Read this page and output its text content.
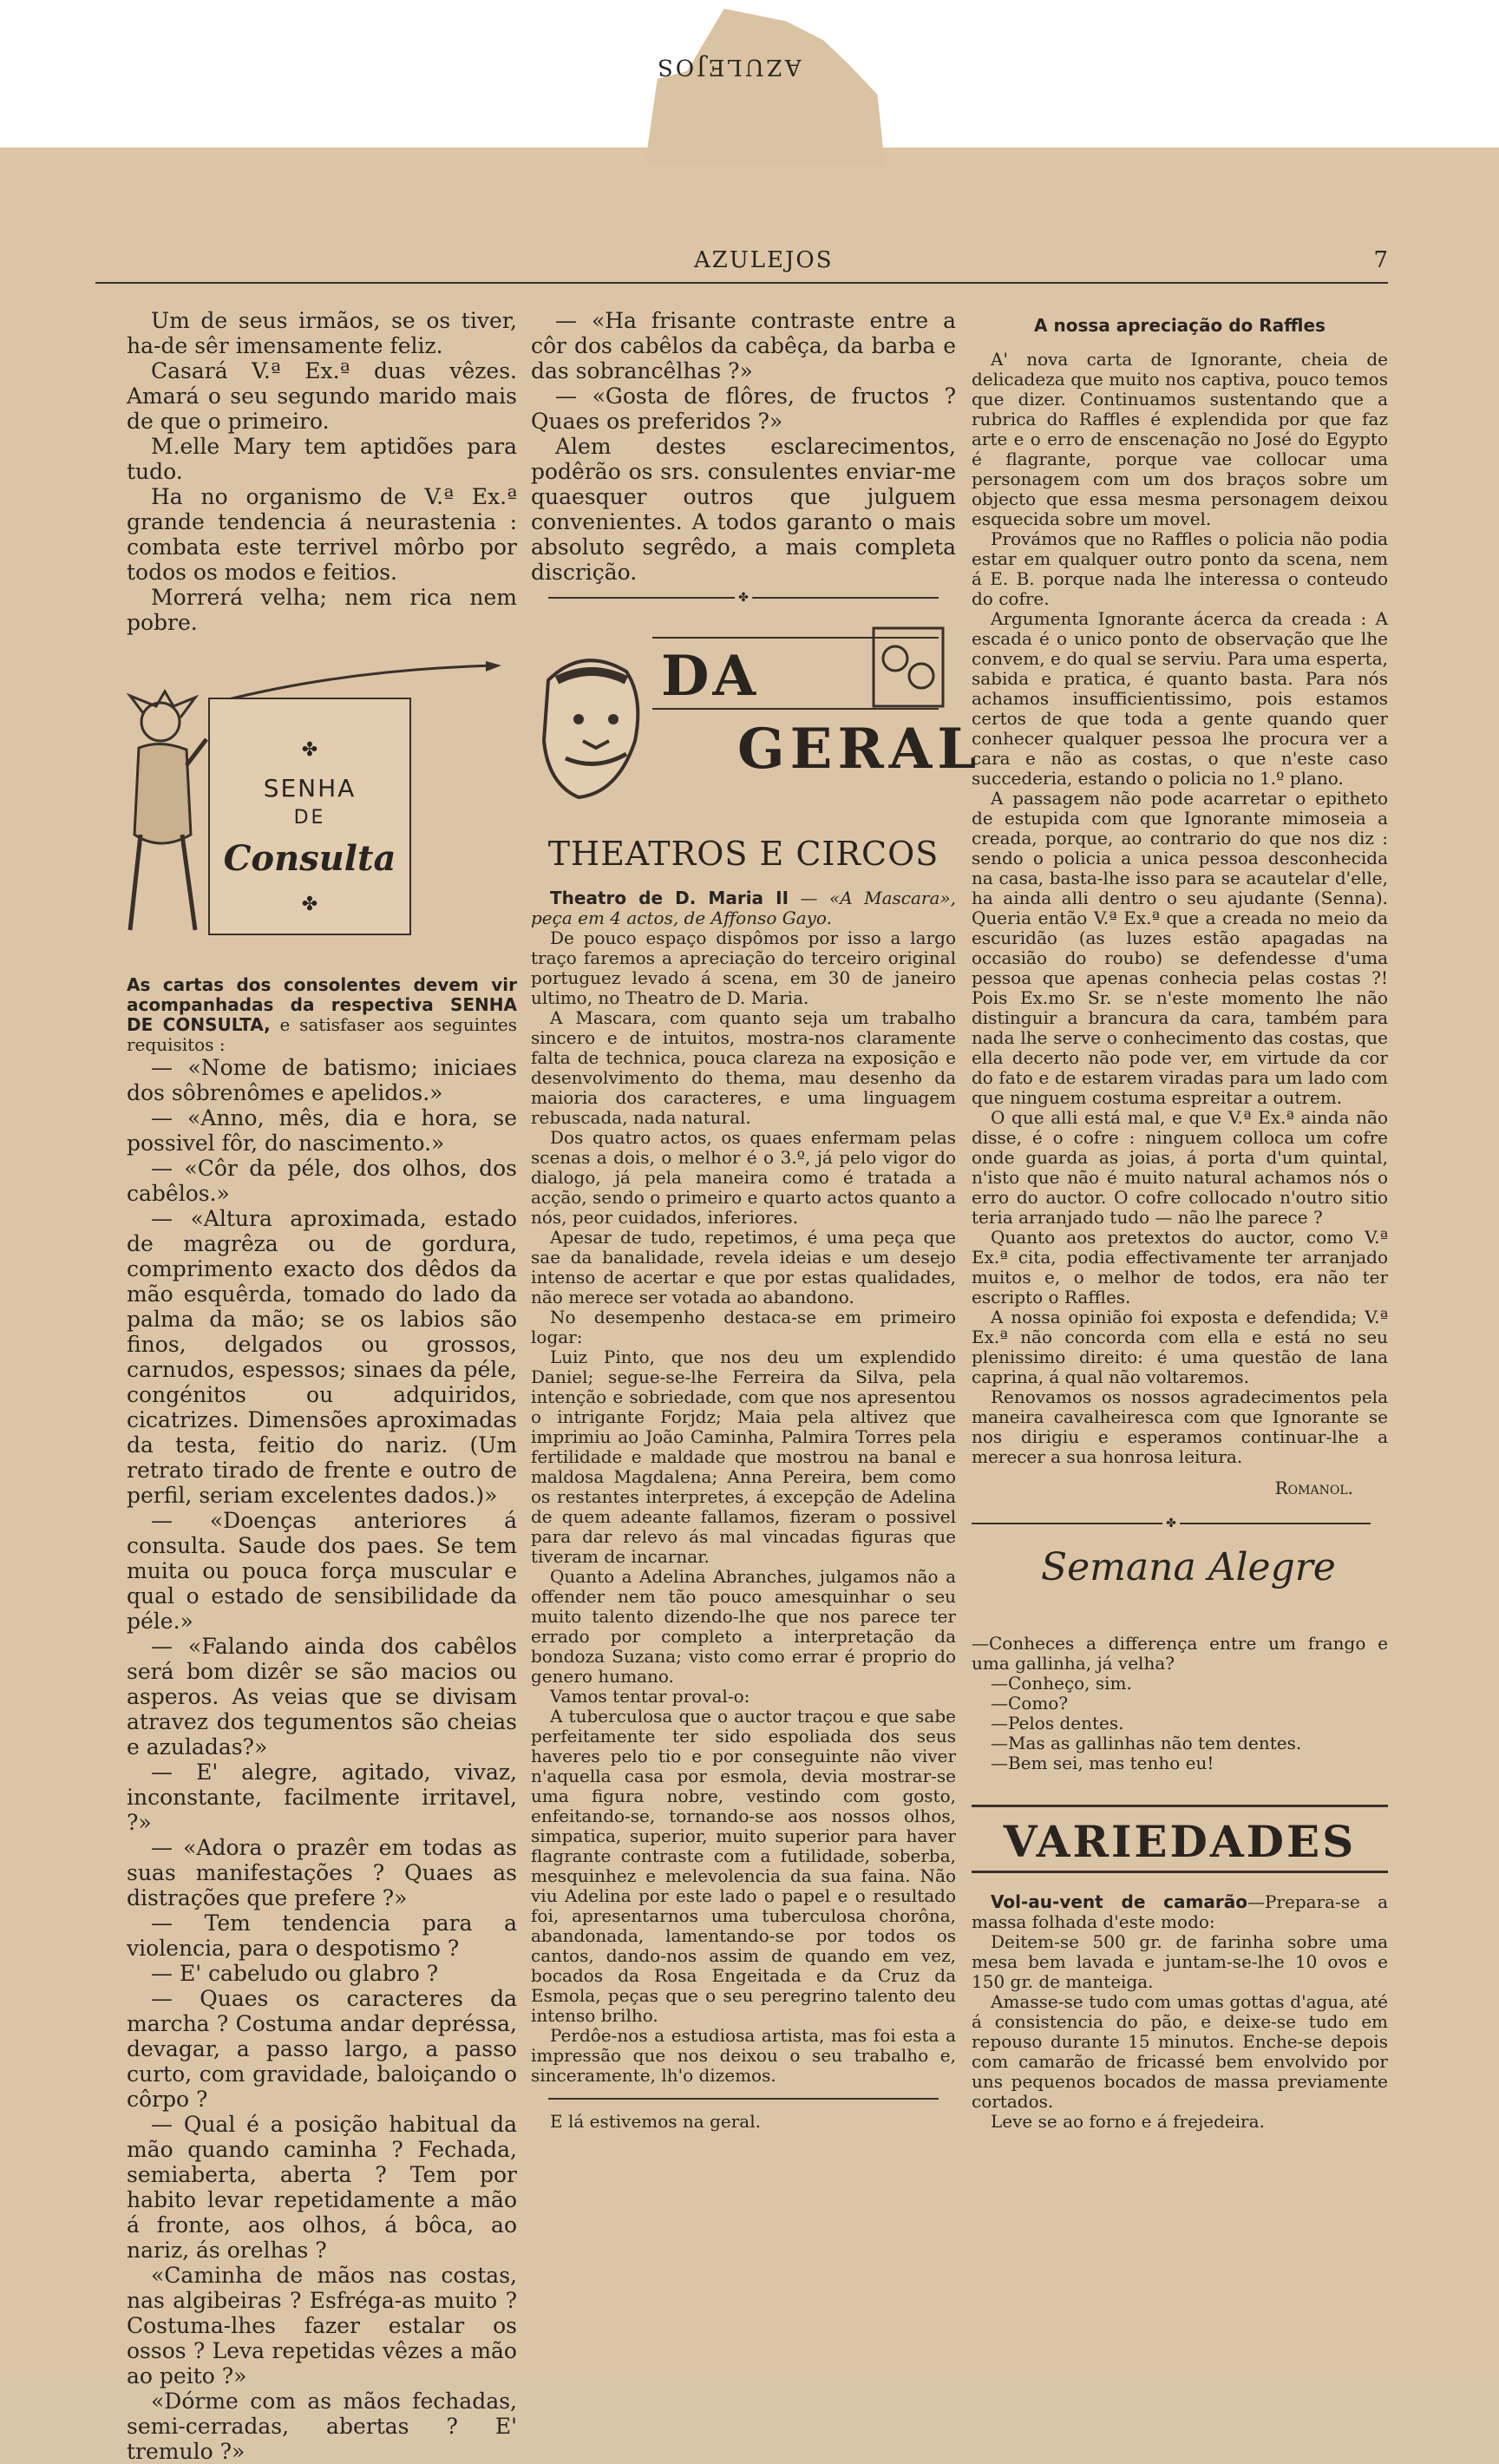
AZULEJOS
AZULEJOS	7

Um de seus irmãos, se os tiver, ha-de sêr imensamente feliz.

Casará V.ª Ex.ª duas vêzes. Amará o seu segundo marido mais de que o primeiro.

M.elle Mary tem aptidões para tudo.

Ha no organismo de V.ª Ex.ª grande tendencia á neurastenia : combata este terrivel môrbo por todos os modos e feitios.

Morrerá velha; nem rica nem pobre.

✤
SENHA
DE
Consulta
✤

As cartas dos consolentes devem vir acompanhadas da respectiva SENHA DE CONSULTA, e satisfaser aos seguintes requisitos :

— «Nome de batismo; iniciaes dos sôbrenômes e apelidos.»

— «Anno, mês, dia e hora, se possivel fôr, do nascimento.»

— «Côr da péle, dos olhos, dos cabêlos.»

— «Altura aproximada, estado de magrêza ou de gordura, comprimento exacto dos dêdos da mão esquêrda, tomado do lado da palma da mão; se os labios são finos, delgados ou grossos, carnudos, espessos; sinaes da péle, congénitos ou adquiridos, cicatrizes. Dimensões aproximadas da testa, feitio do nariz. (Um retrato tirado de frente e outro de perfil, seriam excelentes dados.)»

— «Doenças anteriores á consulta. Saude dos paes. Se tem muita ou pouca força muscular e qual o estado de sensibilidade da péle.»

— «Falando ainda dos cabêlos será bom dizêr se são macios ou asperos. As veias que se divisam atravez dos tegumentos são cheias e azuladas?»

— E' alegre, agitado, vivaz, inconstante, facilmente irritavel, ?»

— «Adora o prazêr em todas as suas manifestações ? Quaes as distrações que prefere ?»

— Tem tendencia para a violencia, para o despotismo ?

— E' cabeludo ou glabro ?

— Quaes os caracteres da marcha ? Costuma andar depréssa, devagar, a passo largo, a passo curto, com gravidade, baloiçando o côrpo ?

— Qual é a posição habitual da mão quando caminha ? Fechada, semiaberta, aberta ? Tem por habito levar repetidamente a mão á fronte, aos olhos, á bôca, ao nariz, ás orelhas ?

«Caminha de mãos nas costas, nas algibeiras ? Esfréga-as muito ? Costuma-lhes fazer estalar os ossos ? Leva repetidas vêzes a mão ao peito ?»

«Dórme com as mãos fechadas, semi-cerradas, abertas ? E' tremulo ?»

— «Ha frisante contraste entre a côr dos cabêlos da cabêça, da barba e das sobrancêlhas ?»

— «Gosta de flôres, de fructos ? Quaes os preferidos ?»

Alem destes esclarecimentos, podêrão os srs. consulentes enviar-me quaesquer outros que julguem convenientes. A todos garanto o mais absoluto segrêdo, a mais completa discrição.

✤
DA
GERAL
THEATROS E CIRCOS

Theatro de D. Maria II — «A Mascara», peça em 4 actos, de Affonso Gayo.

De pouco espaço dispômos por isso a largo traço faremos a apreciação do terceiro original portuguez levado á scena, em 30 de janeiro ultimo, no Theatro de D. Maria.

A Mascara, com quanto seja um trabalho sincero e de intuitos, mostra-nos claramente falta de technica, pouca clareza na exposição e desenvolvimento do thema, mau desenho da maioria dos caracteres, e uma linguagem rebuscada, nada natural.

Dos quatro actos, os quaes enfermam pelas scenas a dois, o melhor é o 3.º, já pelo vigor do dialogo, já pela maneira como é tratada a acção, sendo o primeiro e quarto actos quanto a nós, peor cuidados, inferiores.

Apesar de tudo, repetimos, é uma peça que sae da banalidade, revela ideias e um desejo intenso de acertar e que por estas qualidades, não merece ser votada ao abandono.

No desempenho destaca-se em primeiro logar:

Luiz Pinto, que nos deu um explendido Daniel; segue-se-lhe Ferreira da Silva, pela intenção e sobriedade, com que nos apresentou o intrigante Forjdz; Maia pela altivez que imprimiu ao João Caminha, Palmira Torres pela fertilidade e maldade que mostrou na banal e maldosa Magdalena; Anna Pereira, bem como os restantes interpretes, á excepção de Adelina de quem adeante fallamos, fizeram o possivel para dar relevo ás mal vincadas figuras que tiveram de incarnar.

Quanto a Adelina Abranches, julgamos não a offender nem tão pouco amesquinhar o seu muito talento dizendo-lhe que nos parece ter errado por completo a interpretação da bondoza Suzana; visto como errar é proprio do genero humano.

Vamos tentar proval-o:

A tuberculosa que o auctor traçou e que sabe perfeitamente ter sido espoliada dos seus haveres pelo tio e por conseguinte não viver n'aquella casa por esmola, devia mostrar-se uma figura nobre, vestindo com gosto, enfeitando-se, tornando-se aos nossos olhos, simpatica, superior, muito superior para haver flagrante contraste com a futilidade, soberba, mesquinhez e melevolencia da sua faina. Não viu Adelina por este lado o papel e o resultado foi, apresentarnos uma tuberculosa chorôna, abandonada, lamentando-se por todos os cantos, dando-nos assim de quando em vez, bocados da Rosa Engeitada e da Cruz da Esmola, peças que o seu peregrino talento deu intenso brilho.

Perdôe-nos a estudiosa artista, mas foi esta a impressão que nos deixou o seu trabalho e, sinceramente, lh'o dizemos.

E lá estivemos na geral.

A nossa apreciação do Raffles

A' nova carta de Ignorante, cheia de delicadeza que muito nos captiva, pouco temos que dizer. Continuamos sustentando que a rubrica do Raffles é explendida por que faz arte e o erro de enscenação no José do Egypto é flagrante, porque vae collocar uma personagem com um dos braços sobre um objecto que essa mesma personagem deixou esquecida sobre um movel.

Provámos que no Raffles o policia não podia estar em qualquer outro ponto da scena, nem á E. B. porque nada lhe interessa o conteudo do cofre.

Argumenta Ignorante ácerca da creada : A escada é o unico ponto de observação que lhe convem, e do qual se serviu. Para uma esperta, sabida e pratica, é quanto basta. Para nós achamos insufficientissimo, pois estamos certos de que toda a gente quando quer conhecer qualquer pessoa lhe procura ver a cara e não as costas, o que n'este caso succederia, estando o policia no 1.º plano.

A passagem não pode acarretar o epitheto de estupida com que Ignorante mimoseia a creada, porque, ao contrario do que nos diz : sendo o policia a unica pessoa desconhecida na casa, basta-lhe isso para se acautelar d'elle, ha ainda alli dentro o seu ajudante (Senna). Queria então V.ª Ex.ª que a creada no meio da escuridão (as luzes estão apagadas na occasião do roubo) se defendesse d'uma pessoa que apenas conhecia pelas costas ?! Pois Ex.mo Sr. se n'este momento lhe não distinguir a brancura da cara, também para nada lhe serve o conhecimento das costas, que ella decerto não pode ver, em virtude da cor do fato e de estarem viradas para um lado com que ninguem costuma espreitar a outrem.

O que alli está mal, e que V.ª Ex.ª ainda não disse, é o cofre : ninguem colloca um cofre onde guarda as joias, á porta d'um quintal, n'isto que não é muito natural achamos nós o erro do auctor. O cofre collocado n'outro sitio teria arranjado tudo — não lhe parece ?

Quanto aos pretextos do auctor, como V.ª Ex.ª cita, podia effectivamente ter arranjado muitos e, o melhor de todos, era não ter escripto o Raffles.

A nossa opinião foi exposta e defendida; V.ª Ex.ª não concorda com ella e está no seu plenissimo direito: é uma questão de lana caprina, á qual não voltaremos.

Renovamos os nossos agradecimentos pela maneira cavalheiresca com que Ignorante se nos dirigiu e esperamos continuar-lhe a merecer a sua honrosa leitura.

Romanol.
✤
Semana Alegre

—Conheces a differença entre um frango e uma gallinha, já velha?

—Conheço, sim.

—Como?

—Pelos dentes.

—Mas as gallinhas não tem dentes.

—Bem sei, mas tenho eu!

VARIEDADES

Vol-au-vent de camarão—Prepara-se a massa folhada d'este modo:

Deitem-se 500 gr. de farinha sobre uma mesa bem lavada e juntam-se-lhe 10 ovos e 150 gr. de manteiga.

Amasse-se tudo com umas gottas d'agua, até á consistencia do pão, e deixe-se tudo em repouso durante 15 minutos. Enche-se depois com camarão de fricassé bem envolvido por uns pequenos bocados de massa previamente cortados.

Leve se ao forno e á frejedeira.
